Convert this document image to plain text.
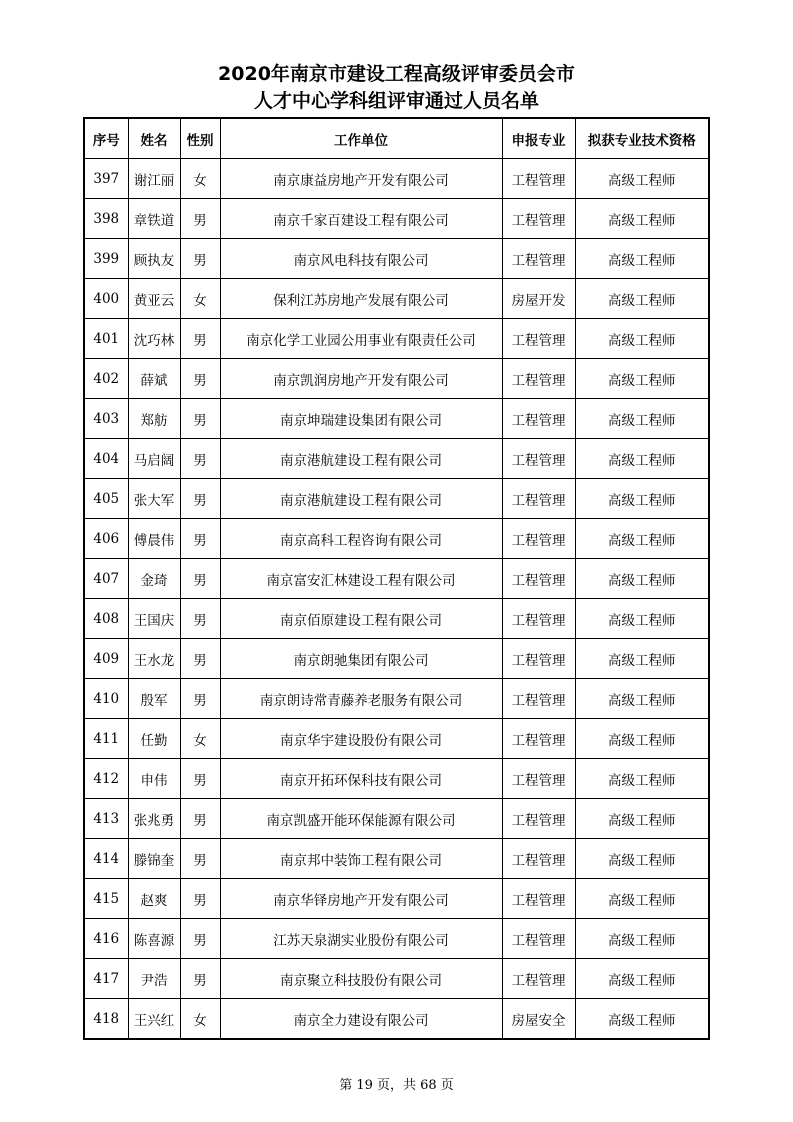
2020年南京市建设工程高级评审委员会市
人才中心学科组评审通过人员名单
序号	姓名	性别	工作单位	申报专业	拟获专业技术资格
397	谢江丽	女	南京康益房地产开发有限公司	工程管理	高级工程师
398	章铁道	男	南京千家百建设工程有限公司	工程管理	高级工程师
399	顾执友	男	南京风电科技有限公司	工程管理	高级工程师
400	黄亚云	女	保利江苏房地产发展有限公司	房屋开发	高级工程师
401	沈巧林	男	南京化学工业园公用事业有限责任公司	工程管理	高级工程师
402	薛斌	男	南京凯润房地产开发有限公司	工程管理	高级工程师
403	郑舫	男	南京坤瑞建设集团有限公司	工程管理	高级工程师
404	马启阔	男	南京港航建设工程有限公司	工程管理	高级工程师
405	张大军	男	南京港航建设工程有限公司	工程管理	高级工程师
406	傅晨伟	男	南京高科工程咨询有限公司	工程管理	高级工程师
407	金琦	男	南京富安汇林建设工程有限公司	工程管理	高级工程师
408	王国庆	男	南京佰原建设工程有限公司	工程管理	高级工程师
409	王水龙	男	南京朗驰集团有限公司	工程管理	高级工程师
410	殷军	男	南京朗诗常青藤养老服务有限公司	工程管理	高级工程师
411	任勤	女	南京华宇建设股份有限公司	工程管理	高级工程师
412	申伟	男	南京开拓环保科技有限公司	工程管理	高级工程师
413	张兆勇	男	南京凯盛开能环保能源有限公司	工程管理	高级工程师
414	滕锦奎	男	南京邦中装饰工程有限公司	工程管理	高级工程师
415	赵爽	男	南京华铎房地产开发有限公司	工程管理	高级工程师
416	陈喜源	男	江苏天泉湖实业股份有限公司	工程管理	高级工程师
417	尹浩	男	南京聚立科技股份有限公司	工程管理	高级工程师
418	王兴红	女	南京全力建设有限公司	房屋安全	高级工程师
第 19 页，共 68 页
